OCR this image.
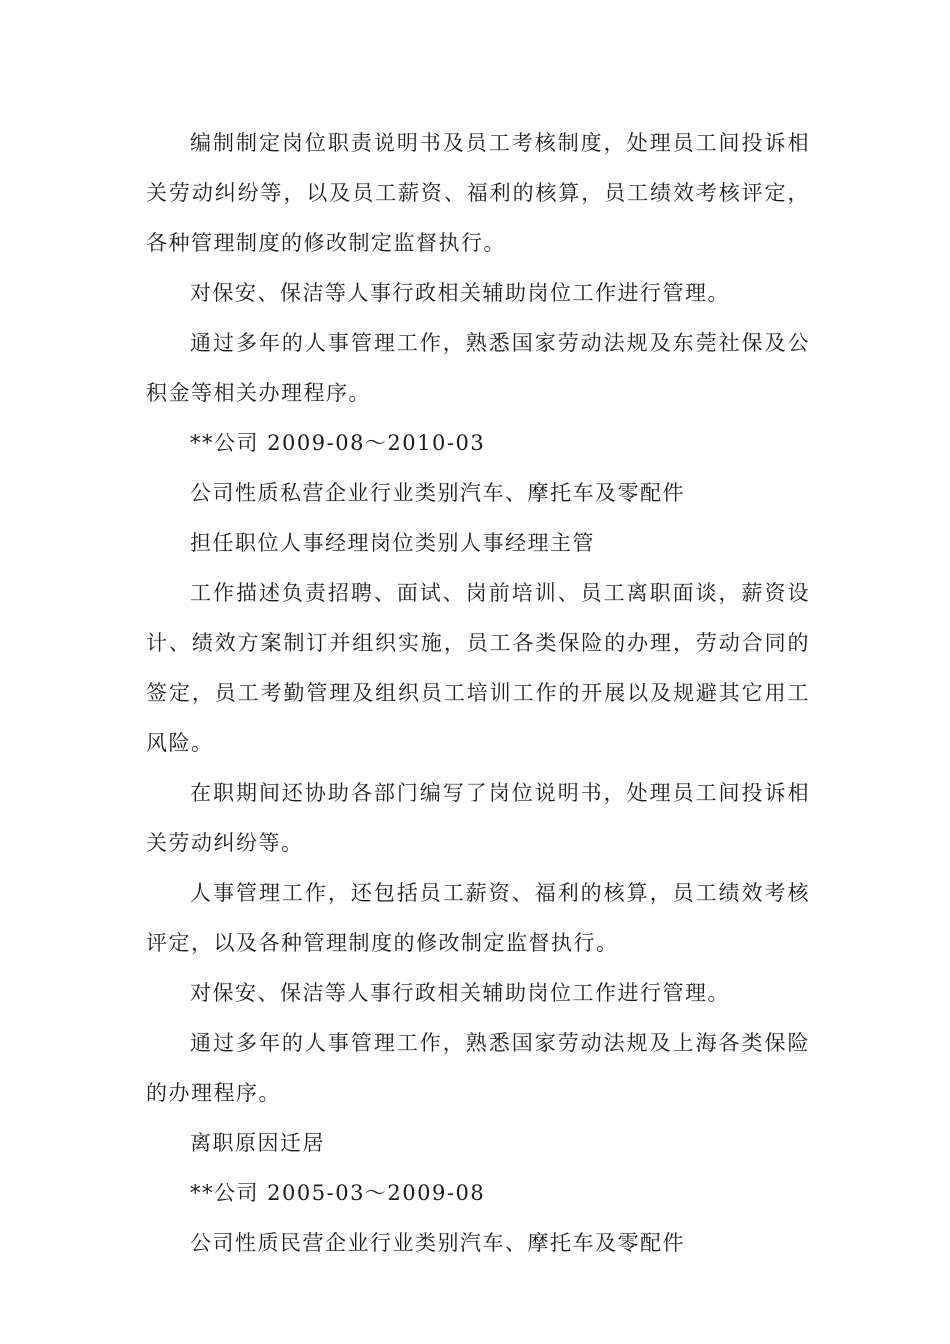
编制制定岗位职责说明书及员工考核制度，处理员工间投诉相关劳动纠纷等，以及员工薪资、福利的核算，员工绩效考核评定，各种管理制度的修改制定监督执行。

对保安、保洁等人事行政相关辅助岗位工作进行管理。

通过多年的人事管理工作，熟悉国家劳动法规及东莞社保及公积金等相关办理程序。

**公司 2009-08～2010-03

公司性质私营企业行业类别汽车、摩托车及零配件

担任职位人事经理岗位类别人事经理主管

工作描述负责招聘、面试、岗前培训、员工离职面谈，薪资设计、绩效方案制订并组织实施，员工各类保险的办理，劳动合同的签定，员工考勤管理及组织员工培训工作的开展以及规避其它用工风险。

在职期间还协助各部门编写了岗位说明书，处理员工间投诉相关劳动纠纷等。

人事管理工作，还包括员工薪资、福利的核算，员工绩效考核评定，以及各种管理制度的修改制定监督执行。

对保安、保洁等人事行政相关辅助岗位工作进行管理。

通过多年的人事管理工作，熟悉国家劳动法规及上海各类保险的办理程序。

离职原因迁居

**公司 2005-03～2009-08

公司性质民营企业行业类别汽车、摩托车及零配件
